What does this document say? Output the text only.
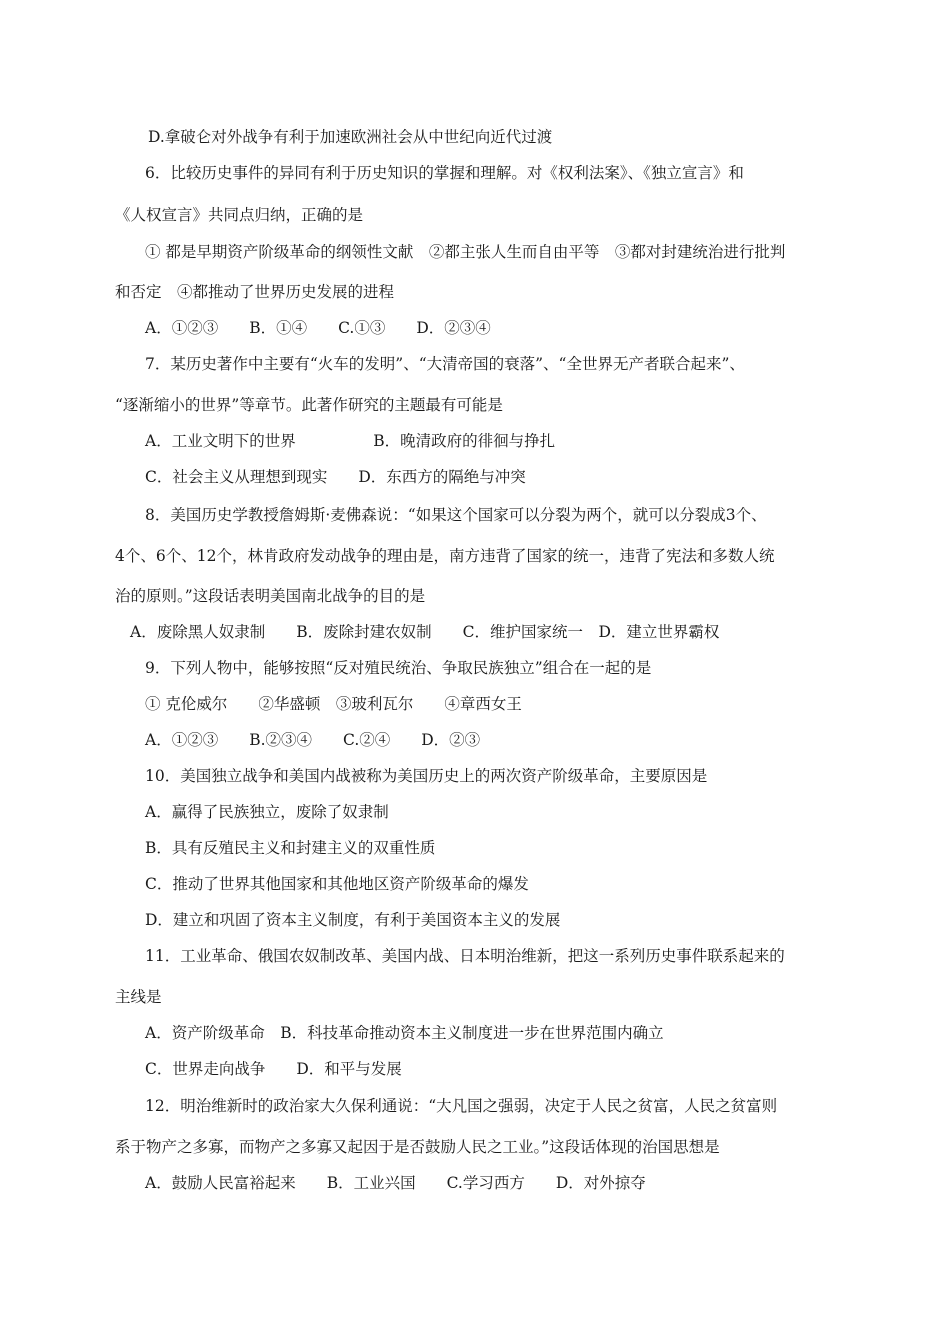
D.拿破仑对外战争有利于加速欧洲社会从中世纪向近代过渡
6．比较历史事件的异同有利于历史知识的掌握和理解。对《权利法案》、《独立宣言》和
《人权宣言》共同点归纳，正确的是
① 都是早期资产阶级革命的纲领性文献　②都主张人生而自由平等　③都对封建统治进行批判
和否定　④都推动了世界历史发展的进程
A．①②③　　B．①④　　C.①③　　D．②③④
7．某历史著作中主要有“火车的发明”、“大清帝国的衰落”、“全世界无产者联合起来”、
“逐渐缩小的世界”等章节。此著作研究的主题最有可能是
A．工业文明下的世界　　　　　B．晚清政府的徘徊与挣扎
C．社会主义从理想到现实　　D．东西方的隔绝与冲突
8．美国历史学教授詹姆斯·麦佛森说：“如果这个国家可以分裂为两个，就可以分裂成3个、
4个、6个、12个，林肯政府发动战争的理由是，南方违背了国家的统一，违背了宪法和多数人统
治的原则。”这段话表明美国南北战争的目的是
A．废除黑人奴隶制　　B．废除封建农奴制　　C．维护国家统一　D．建立世界霸权
9．下列人物中，能够按照“反对殖民统治、争取民族独立”组合在一起的是
① 克伦威尔　　②华盛顿　③玻利瓦尔　　④章西女王
A．①②③　　B.②③④　　C.②④　　D．②③
10．美国独立战争和美国内战被称为美国历史上的两次资产阶级革命，主要原因是
A．赢得了民族独立，废除了奴隶制
B．具有反殖民主义和封建主义的双重性质
C．推动了世界其他国家和其他地区资产阶级革命的爆发
D．建立和巩固了资本主义制度，有利于美国资本主义的发展
11．工业革命、俄国农奴制改革、美国内战、日本明治维新，把这一系列历史事件联系起来的
主线是
A．资产阶级革命　B．科技革命推动资本主义制度进一步在世界范围内确立
C．世界走向战争　　D．和平与发展
12．明治维新时的政治家大久保利通说：“大凡国之强弱，决定于人民之贫富，人民之贫富则
系于物产之多寡，而物产之多寡又起因于是否鼓励人民之工业。”这段话体现的治国思想是
A．鼓励人民富裕起来　　B．工业兴国　　C.学习西方　　D．对外掠夺
